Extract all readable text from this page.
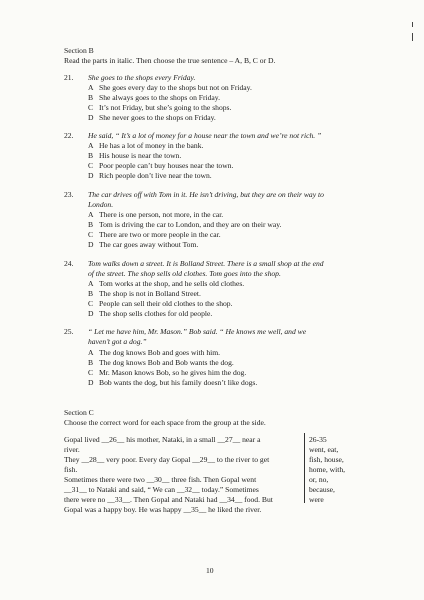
Section B
Read the parts in italic. Then choose the true sentence – A, B, C or D.
21. She goes to the shops every Friday.
A She goes every day to the shops but not on Friday.
B She always goes to the shops on Friday.
C It’s not Friday, but she’s going to the shops.
D She never goes to the shops on Friday.
22. He said, “ It’s a lot of money for a house near the town and we’re not rich. ”
A He has a lot of money in the bank.
B His house is near the town.
C Poor people can’t buy houses near the town.
D Rich people don’t live near the town.
23. The car drives off with Tom in it. He isn’t driving, but they are on their way to
London.
A There is one person, not more, in the car.
B Tom is driving the car to London, and they are on their way.
C There are two or more people in the car.
D The car goes away without Tom.
24. Tom walks down a street. It is Bolland Street. There is a small shop at the end
of the street. The shop sells old clothes. Tom goes into the shop.
A Tom works at the shop, and he sells old clothes.
B The shop is not in Bolland Street.
C People can sell their old clothes to the shop.
D The shop sells clothes for old people.
25. “ Let me have him, Mr. Mason.” Bob said. “ He knows me well, and we
haven’t got a dog.”
A The dog knows Bob and goes with him.
B The dog knows Bob and Bob wants the dog.
C Mr. Mason knows Bob, so he gives him the dog.
D Bob wants the dog, but his family doesn’t like dogs.
Section C
Choose the correct word for each space from the group at the side.
Gopal lived __26__ his mother, Nataki, in a small __27__ near a
river.
They __28__ very poor. Every day Gopal __29__ to the river to get
fish.
Sometimes there were two __30__ three fish. Then Gopal went
__31__ to Nataki and said, “ We can __32__ today.” Sometimes
there were no __33__. Then Gopal and Nataki had __34__ food. But
Gopal was a happy boy. He was happy __35__ he liked the river.
26-35
went, eat,
fish, house,
home, with,
or, no,
because,
were
10
